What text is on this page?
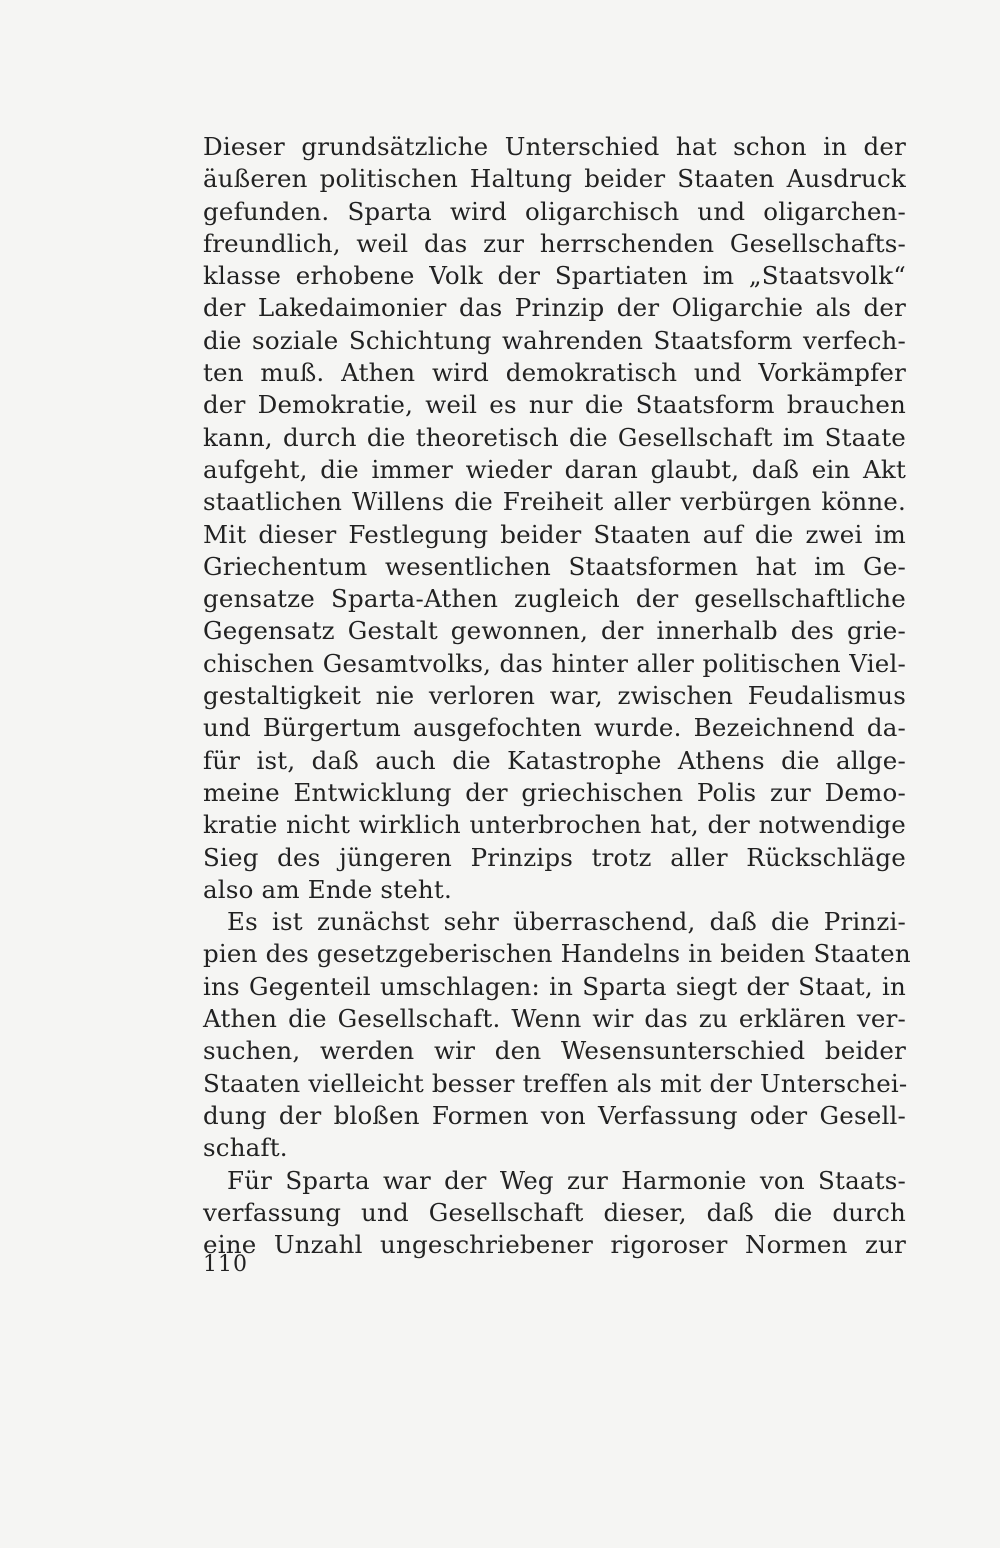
Dieser grundsätzliche Unterschied hat schon in der
äußeren politischen Haltung beider Staaten Ausdruck
gefunden. Sparta wird oligarchisch und oligarchen-
freundlich, weil das zur herrschenden Gesellschafts-
klasse erhobene Volk der Spartiaten im „Staatsvolk“
der Lakedaimonier das Prinzip der Oligarchie als der
die soziale Schichtung wahrenden Staatsform verfech-
ten muß. Athen wird demokratisch und Vorkämpfer
der Demokratie, weil es nur die Staatsform brauchen
kann, durch die theoretisch die Gesellschaft im Staate
aufgeht, die immer wieder daran glaubt, daß ein Akt
staatlichen Willens die Freiheit aller verbürgen könne.
Mit dieser Festlegung beider Staaten auf die zwei im
Griechentum wesentlichen Staatsformen hat im Ge-
gensatze Sparta-Athen zugleich der gesellschaftliche
Gegensatz Gestalt gewonnen, der innerhalb des grie-
chischen Gesamtvolks, das hinter aller politischen Viel-
gestaltigkeit nie verloren war, zwischen Feudalismus
und Bürgertum ausgefochten wurde. Bezeichnend da-
für ist, daß auch die Katastrophe Athens die allge-
meine Entwicklung der griechischen Polis zur Demo-
kratie nicht wirklich unterbrochen hat, der notwendige
Sieg des jüngeren Prinzips trotz aller Rückschläge
also am Ende steht.
Es ist zunächst sehr überraschend, daß die Prinzi-
pien des gesetzgeberischen Handelns in beiden Staaten
ins Gegenteil umschlagen: in Sparta siegt der Staat, in
Athen die Gesellschaft. Wenn wir das zu erklären ver-
suchen, werden wir den Wesensunterschied beider
Staaten vielleicht besser treffen als mit der Unterschei-
dung der bloßen Formen von Verfassung oder Gesell-
schaft.
Für Sparta war der Weg zur Harmonie von Staats-
verfassung und Gesellschaft dieser, daß die durch
eine Unzahl ungeschriebener rigoroser Normen zur
110
